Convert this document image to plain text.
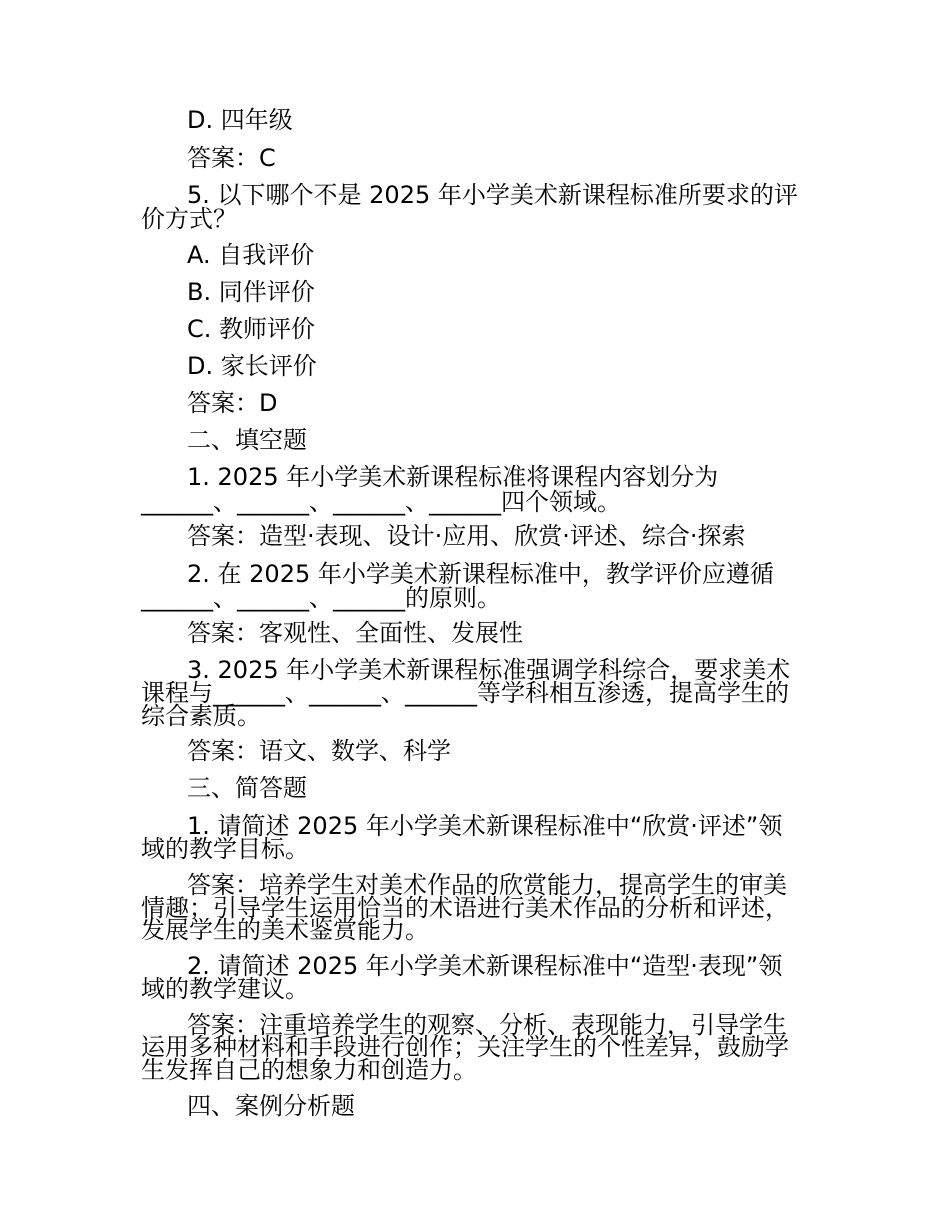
D. 四年级
答案：C
5. 以下哪个不是 2025 年小学美术新课程标准所要求的评
价方式？
A. 自我评价
B. 同伴评价
C. 教师评价
D. 家长评价
答案：D
二、填空题
1. 2025 年小学美术新课程标准将课程内容划分为
______、______、______、______四个领域。
答案：造型·表现、设计·应用、欣赏·评述、综合·探索
2. 在 2025 年小学美术新课程标准中，教学评价应遵循
______、______、______的原则。
答案：客观性、全面性、发展性
3. 2025 年小学美术新课程标准强调学科综合，要求美术
课程与______、______、______等学科相互渗透，提高学生的
综合素质。
答案：语文、数学、科学
三、简答题
1. 请简述 2025 年小学美术新课程标准中“欣赏·评述”领
域的教学目标。
答案：培养学生对美术作品的欣赏能力，提高学生的审美
情趣；引导学生运用恰当的术语进行美术作品的分析和评述，
发展学生的美术鉴赏能力。
2. 请简述 2025 年小学美术新课程标准中“造型·表现”领
域的教学建议。
答案：注重培养学生的观察、分析、表现能力，引导学生
运用多种材料和手段进行创作；关注学生的个性差异，鼓励学
生发挥自己的想象力和创造力。
四、案例分析题
